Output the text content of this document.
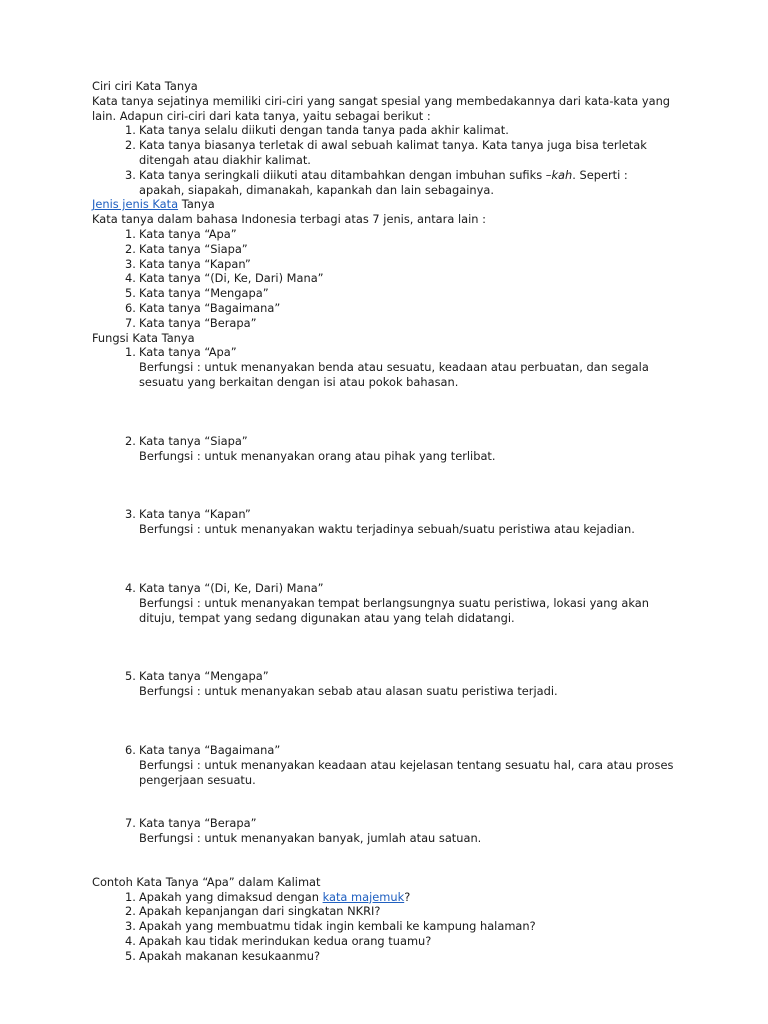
Ciri ciri Kata Tanya
Kata tanya sejatinya memiliki ciri-ciri yang sangat spesial yang membedakannya dari kata-kata yang
lain. Adapun ciri-ciri dari kata tanya, yaitu sebagai berikut :
1. Kata tanya selalu diikuti dengan tanda tanya pada akhir kalimat.
2. Kata tanya biasanya terletak di awal sebuah kalimat tanya. Kata tanya juga bisa terletak
ditengah atau diakhir kalimat.
3. Kata tanya seringkali diikuti atau ditambahkan dengan imbuhan sufiks –kah. Seperti :
apakah, siapakah, dimanakah, kapankah dan lain sebagainya.
Jenis jenis Kata Tanya
Kata tanya dalam bahasa Indonesia terbagi atas 7 jenis, antara lain :
1. Kata tanya “Apa”
2. Kata tanya “Siapa”
3. Kata tanya “Kapan”
4. Kata tanya “(Di, Ke, Dari) Mana”
5. Kata tanya “Mengapa”
6. Kata tanya “Bagaimana”
7. Kata tanya “Berapa”
Fungsi Kata Tanya
1. Kata tanya “Apa”
Berfungsi : untuk menanyakan benda atau sesuatu, keadaan atau perbuatan, dan segala
sesuatu yang berkaitan dengan isi atau pokok bahasan.
2. Kata tanya “Siapa”
Berfungsi : untuk menanyakan orang atau pihak yang terlibat.
3. Kata tanya “Kapan”
Berfungsi : untuk menanyakan waktu terjadinya sebuah/suatu peristiwa atau kejadian.
4. Kata tanya “(Di, Ke, Dari) Mana”
Berfungsi : untuk menanyakan tempat berlangsungnya suatu peristiwa, lokasi yang akan
dituju, tempat yang sedang digunakan atau yang telah didatangi.
5. Kata tanya “Mengapa”
Berfungsi : untuk menanyakan sebab atau alasan suatu peristiwa terjadi.
6. Kata tanya “Bagaimana”
Berfungsi : untuk menanyakan keadaan atau kejelasan tentang sesuatu hal, cara atau proses
pengerjaan sesuatu.
7. Kata tanya “Berapa”
Berfungsi : untuk menanyakan banyak, jumlah atau satuan.
Contoh Kata Tanya “Apa” dalam Kalimat
1. Apakah yang dimaksud dengan kata majemuk?
2. Apakah kepanjangan dari singkatan NKRI?
3. Apakah yang membuatmu tidak ingin kembali ke kampung halaman?
4. Apakah kau tidak merindukan kedua orang tuamu?
5. Apakah makanan kesukaanmu?
